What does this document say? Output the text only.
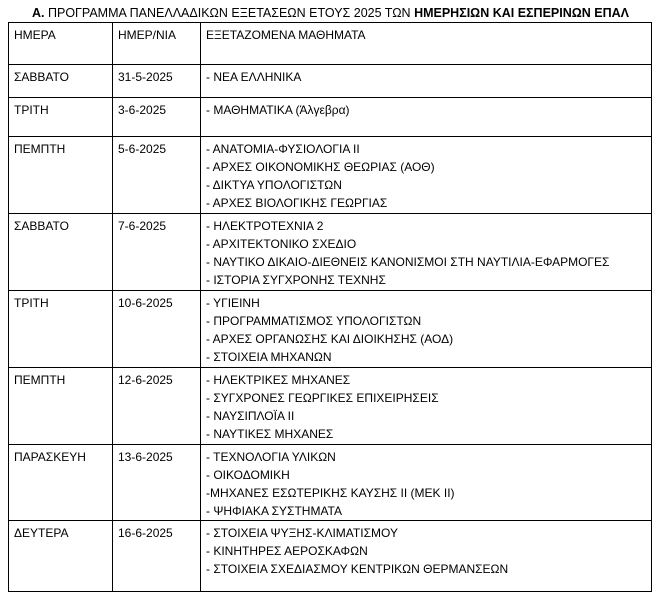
Α. ΠΡΟΓΡΑΜΜΑ ΠΑΝΕΛΛΑΔΙΚΩΝ ΕΞΕΤΑΣΕΩΝ ΕΤΟΥΣ 2025 ΤΩΝ ΗΜΕΡΗΣΙΩΝ ΚΑΙ ΕΣΠΕΡΙΝΩΝ ΕΠΑΛ
ΗΜΕΡΑ	ΗΜΕΡ/ΝΙΑ	ΕΞΕΤΑΖΟΜΕΝΑ ΜΑΘΗΜΑΤΑ
ΣΑΒΒΑΤΟ	31-5-2025	- ΝΕΑ ΕΛΛΗΝΙΚΑ

ΤΡΙΤΗ	3-6-2025	- ΜΑΘΗΜΑΤΙΚΑ (Άλγεβρα)

ΠΕΜΠΤΗ	5-6-2025	- ΑΝΑΤΟΜΙΑ-ΦΥΣΙΟΛΟΓΙΑ ΙΙ
- ΑΡΧΕΣ ΟΙΚΟΝΟΜΙΚΗΣ ΘΕΩΡΙΑΣ (ΑΟΘ)
- ΔΙΚΤΥΑ ΥΠΟΛΟΓΙΣΤΩΝ
- ΑΡΧΕΣ ΒΙΟΛΟΓΙΚΗΣ ΓΕΩΡΓΙΑΣ

ΣΑΒΒΑΤΟ	7-6-2025	- ΗΛΕΚΤΡΟΤΕΧΝΙΑ 2
- ΑΡΧΙΤΕΚΤΟΝΙΚΟ ΣΧΕΔΙΟ
- ΝΑΥΤΙΚΟ ΔΙΚΑΙΟ-ΔΙΕΘΝΕΙΣ ΚΑΝΟΝΙΣΜΟΙ ΣΤΗ ΝΑΥΤΙΛΙΑ-ΕΦΑΡΜΟΓΕΣ
- ΙΣΤΟΡΙΑ ΣΥΓΧΡΟΝΗΣ ΤΕΧΝΗΣ

ΤΡΙΤΗ	10-6-2025	- ΥΓΙΕΙΝΗ
- ΠΡΟΓΡΑΜΜΑΤΙΣΜΟΣ ΥΠΟΛΟΓΙΣΤΩΝ
- ΑΡΧΕΣ ΟΡΓΑΝΩΣΗΣ ΚΑΙ ΔΙΟΙΚΗΣΗΣ (ΑΟΔ)
- ΣΤΟΙΧΕΙΑ ΜΗΧΑΝΩΝ

ΠΕΜΠΤΗ	12-6-2025	- ΗΛΕΚΤΡΙΚΕΣ ΜΗΧΑΝΕΣ
- ΣΥΓΧΡΟΝΕΣ ΓΕΩΡΓΙΚΕΣ ΕΠΙΧΕΙΡΗΣΕΙΣ
- ΝΑΥΣΙΠΛΟΪΑ ΙΙ
- ΝΑΥΤΙΚΕΣ ΜΗΧΑΝΕΣ

ΠΑΡΑΣΚΕΥΗ	13-6-2025	- ΤΕΧΝΟΛΟΓΙΑ ΥΛΙΚΩΝ
- ΟΙΚΟΔΟΜΙΚΗ
-ΜΗΧΑΝΕΣ ΕΣΩΤΕΡΙΚΗΣ ΚΑΥΣΗΣ ΙΙ (ΜΕΚ ΙΙ)
- ΨΗΦΙΑΚΑ ΣΥΣΤΗΜΑΤΑ

ΔΕΥΤΕΡΑ	16-6-2025	- ΣΤΟΙΧΕΙΑ ΨΥΞΗΣ-ΚΛΙΜΑΤΙΣΜΟΥ
- ΚΙΝΗΤΗΡΕΣ ΑΕΡΟΣΚΑΦΩΝ
- ΣΤΟΙΧΕΙΑ ΣΧΕΔΙΑΣΜΟΥ ΚΕΝΤΡΙΚΩΝ ΘΕΡΜΑΝΣΕΩΝ
